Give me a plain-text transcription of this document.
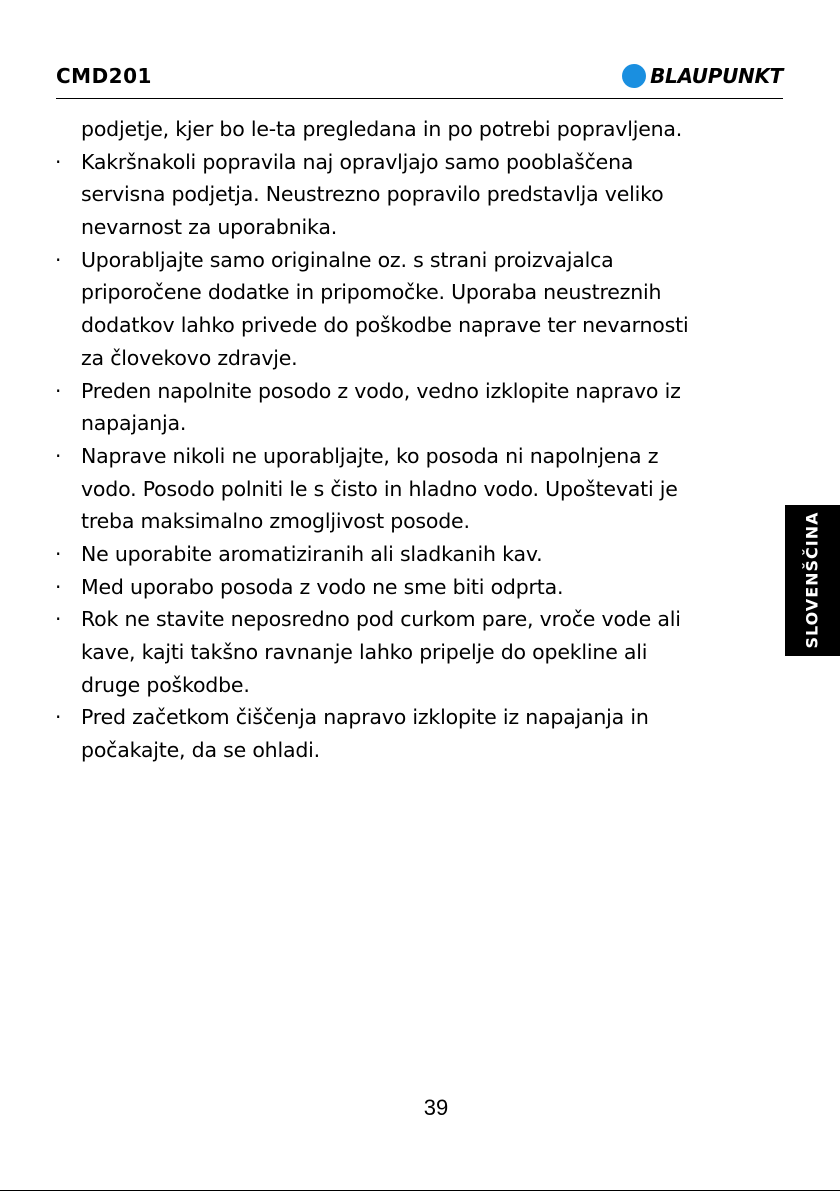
CMD201	BLAUPUNKT
podjetje, kjer bo le-ta pregledana in po potrebi popravljena.
· Kakršnakoli popravila naj opravljajo samo pooblaščena
servisna podjetja. Neustrezno popravilo predstavlja veliko
nevarnost za uporabnika.
· Uporabljajte samo originalne oz. s strani proizvajalca
priporočene dodatke in pripomočke. Uporaba neustreznih
dodatkov lahko privede do poškodbe naprave ter nevarnosti
za človekovo zdravje.
· Preden napolnite posodo z vodo, vedno izklopite napravo iz
napajanja.
· Naprave nikoli ne uporabljajte, ko posoda ni napolnjena z
vodo. Posodo polniti le s čisto in hladno vodo. Upoštevati je
treba maksimalno zmogljivost posode.
· Ne uporabite aromatiziranih ali sladkanih kav.
· Med uporabo posoda z vodo ne sme biti odprta.
· Rok ne stavite neposredno pod curkom pare, vroče vode ali
kave, kajti takšno ravnanje lahko pripelje do opekline ali
druge poškodbe.
· Pred začetkom čiščenja napravo izklopite iz napajanja in
počakajte, da se ohladi.
SLOVENŠČINA
39
